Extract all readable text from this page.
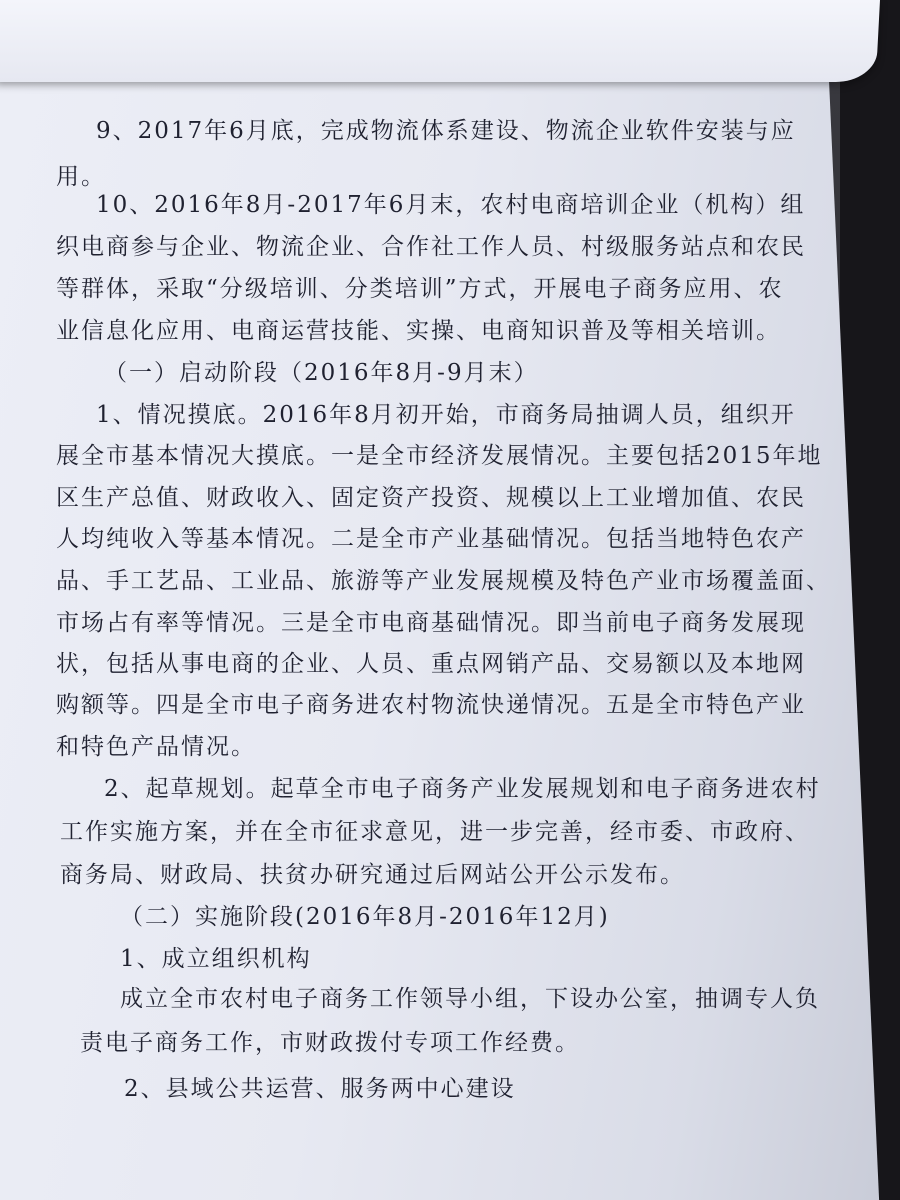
9、2017年6月底，完成物流体系建设、物流企业软件安装与应
用。
10、2016年8月-2017年6月末，农村电商培训企业（机构）组
织电商参与企业、物流企业、合作社工作人员、村级服务站点和农民
等群体，采取“分级培训、分类培训”方式，开展电子商务应用、农
业信息化应用、电商运营技能、实操、电商知识普及等相关培训。
（一）启动阶段（2016年8月-9月末）
1、情况摸底。2016年8月初开始，市商务局抽调人员，组织开
展全市基本情况大摸底。一是全市经济发展情况。主要包括2015年地
区生产总值、财政收入、固定资产投资、规模以上工业增加值、农民
人均纯收入等基本情况。二是全市产业基础情况。包括当地特色农产
品、手工艺品、工业品、旅游等产业发展规模及特色产业市场覆盖面、
市场占有率等情况。三是全市电商基础情况。即当前电子商务发展现
状，包括从事电商的企业、人员、重点网销产品、交易额以及本地网
购额等。四是全市电子商务进农村物流快递情况。五是全市特色产业
和特色产品情况。
2、起草规划。起草全市电子商务产业发展规划和电子商务进农村
工作实施方案，并在全市征求意见，进一步完善，经市委、市政府、
商务局、财政局、扶贫办研究通过后网站公开公示发布。
（二）实施阶段(2016年8月-2016年12月)
1、成立组织机构
成立全市农村电子商务工作领导小组，下设办公室，抽调专人负
责电子商务工作，市财政拨付专项工作经费。
2、县域公共运营、服务两中心建设
